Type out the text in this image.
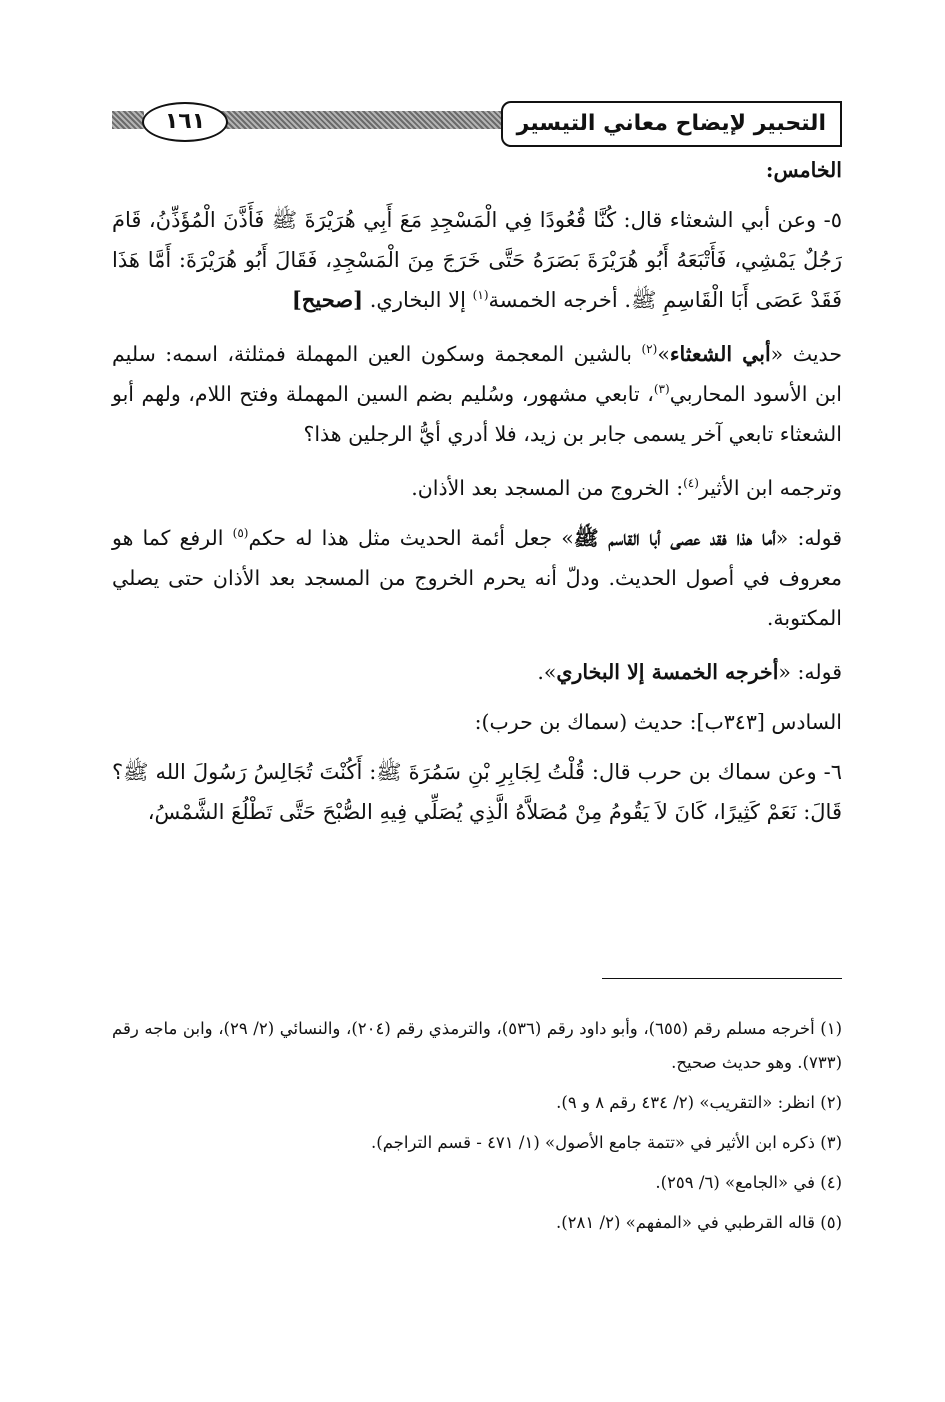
التحبير لإيضاح معاني التيسير
١٦١

الخامس:

٥- وعن أبي الشعثاء قال: كُنَّا قُعُودًا فِي الْمَسْجِدِ مَعَ أَبِي هُرَيْرَةَ ﷺ فَأَذَّنَ الْمُؤَذِّنُ، قَامَ رَجُلٌ يَمْشِي، فَأَتْبَعَهُ أَبُو هُرَيْرَةَ بَصَرَهُ حَتَّى خَرَجَ مِنَ الْمَسْجِدِ، فَقَالَ أَبُو هُرَيْرَةَ: أَمَّا هَذَا فَقَدْ عَصَى أَبَا الْقَاسِمِ ﷺ. أخرجه الخمسة$^{(١)}$ إلا البخاري. [صحيح]

حديث «أبي الشعثاء»$^{(٢)}$ بالشين المعجمة وسكون العين المهملة فمثلثة، اسمه: سليم ابن الأسود المحاربي$^{(٣)}$، تابعي مشهور، وسُليم بضم السين المهملة وفتح اللام، ولهم أبو الشعثاء تابعي آخر يسمى جابر بن زيد، فلا أدري أيُّ الرجلين هذا؟

وترجمه ابن الأثير$^{(٤)}$: الخروج من المسجد بعد الأذان.

قوله: «أما هذا فقد عصى أبا القاسم ﷺ» جعل أئمة الحديث مثل هذا له حكم$^{(٥)}$ الرفع كما هو معروف في أصول الحديث. ودلّ أنه يحرم الخروج من المسجد بعد الأذان حتى يصلي المكتوبة.

قوله: «أخرجه الخمسة إلا البخاري».

السادس [٣٤٣ب]: حديث (سماك بن حرب):

٦- وعن سماك بن حرب قال: قُلْتُ لِجَابِرِ بْنِ سَمُرَةَ ﷺ: أَكُنْتَ تُجَالِسُ رَسُولَ الله ﷺ؟ قَالَ: نَعَمْ كَثِيرًا، كَانَ لاَ يَقُومُ مِنْ مُصَلاَّهُ الَّذِي يُصَلِّي فِيهِ الصُّبْحَ حَتَّى تَطْلُعَ الشَّمْسُ،

(١) أخرجه مسلم رقم (٦٥٥)، وأبو داود رقم (٥٣٦)، والترمذي رقم (٢٠٤)، والنسائي (٢/ ٢٩)، وابن ماجه رقم (٧٣٣). وهو حديث صحيح.

(٢) انظر: «التقريب» (٢/ ٤٣٤ رقم ٨ و ٩).

(٣) ذكره ابن الأثير في «تتمة جامع الأصول» (١/ ٤٧١ - قسم التراجم).

(٤) في «الجامع» (٦/ ٢٥٩).

(٥) قاله القرطبي في «المفهم» (٢/ ٢٨١).
